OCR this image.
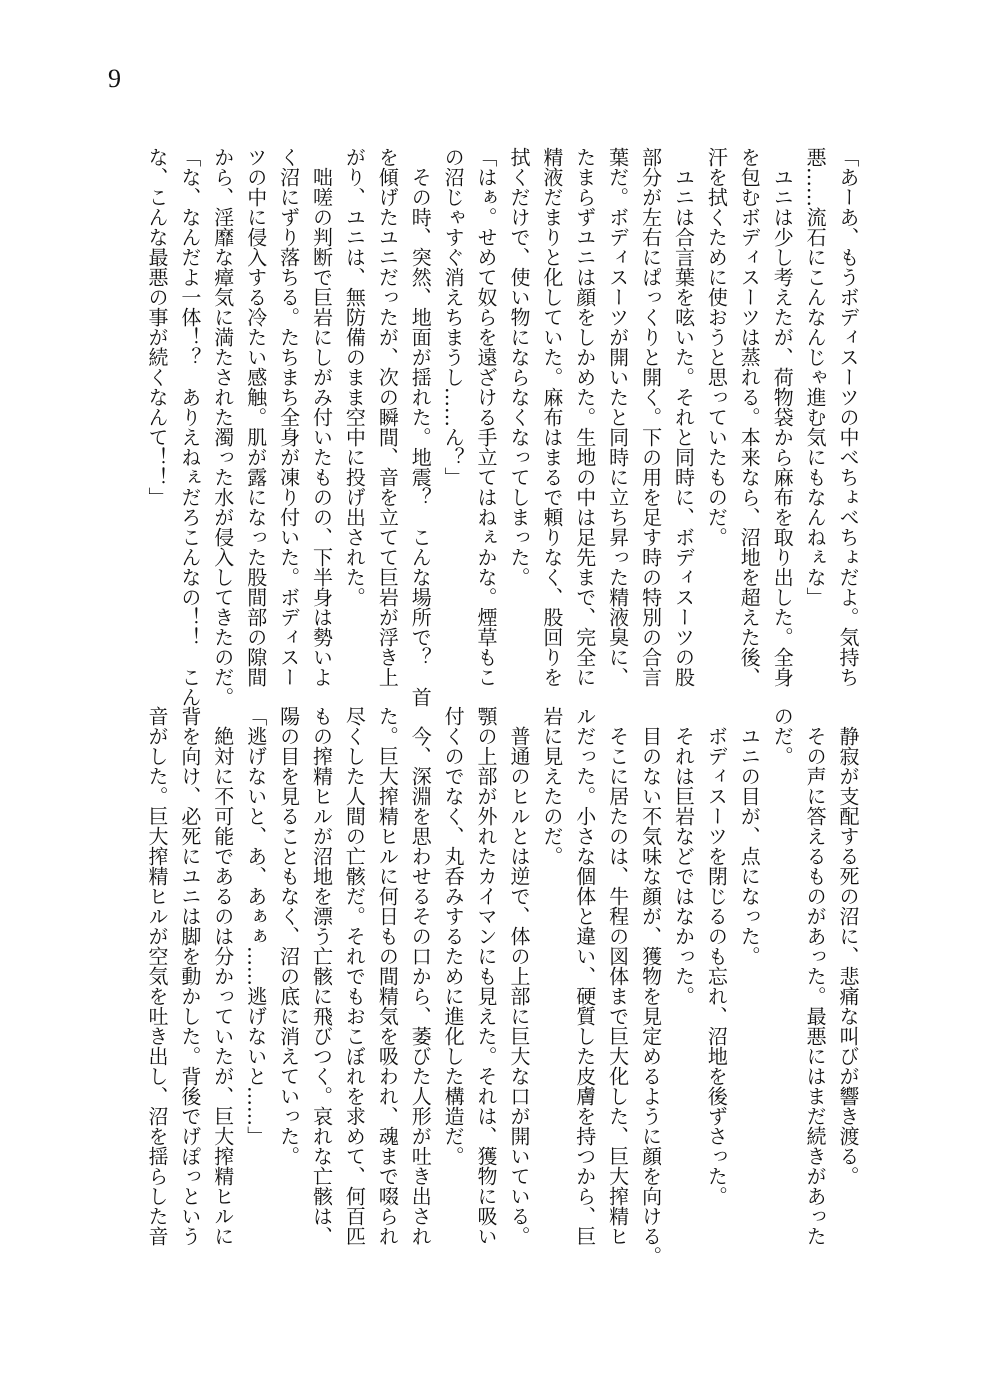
9
「あーあ、もうボディスーツの中べちょべちょだよ。気持ち
悪……流石にこんなんじゃ進む気にもなんねぇな」
　ユニは少し考えたが、荷物袋から麻布を取り出した。全身
を包むボディスーツは蒸れる。本来なら、沼地を超えた後、
汗を拭くために使おうと思っていたものだ。
　ユニは合言葉を呟いた。それと同時に、ボディスーツの股
部分が左右にぱっくりと開く。下の用を足す時の特別の合言
葉だ。ボディスーツが開いたと同時に立ち昇った精液臭に、
たまらずユニは顔をしかめた。生地の中は足先まで、完全に
精液だまりと化していた。麻布はまるで頼りなく、股回りを
拭くだけで、使い物にならなくなってしまった。
「はぁ。せめて奴らを遠ざける手立てはねぇかな。煙草もこ
の沼じゃすぐ消えちまうし……ん？」
　その時、突然、地面が揺れた。地震？　こんな場所で？　首
を傾げたユニだったが、次の瞬間、音を立てて巨岩が浮き上
がり、ユニは、無防備のまま空中に投げ出された。
　咄嗟の判断で巨岩にしがみ付いたものの、下半身は勢いよ
く沼にずり落ちる。たちまち全身が凍り付いた。ボディスー
ツの中に侵入する冷たい感触。肌が露になった股間部の隙間
から、淫靡な瘴気に満たされた濁った水が侵入してきたのだ。
「な、なんだよ一体！？　ありえねぇだろこんなの！！　こん
な、こんな最悪の事が続くなんて！！」
　静寂が支配する死の沼に、悲痛な叫びが響き渡る。
　その声に答えるものがあった。最悪にはまだ続きがあった
のだ。
　ユニの目が、点になった。
　ボディスーツを閉じるのも忘れ、沼地を後ずさった。
　それは巨岩などではなかった。
　目のない不気味な顔が、獲物を見定めるように顔を向ける。
　そこに居たのは、牛程の図体まで巨大化した、巨大搾精ヒ
ルだった。小さな個体と違い、硬質した皮膚を持つから、巨
岩に見えたのだ。
　普通のヒルとは逆で、体の上部に巨大な口が開いている。
顎の上部が外れたカイマンにも見えた。それは、獲物に吸い
付くのでなく、丸呑みするために進化した構造だ。
　今、深淵を思わせるその口から、萎びた人形が吐き出され
た。巨大搾精ヒルに何日もの間精気を吸われ、魂まで啜られ
尽くした人間の亡骸だ。それでもおこぼれを求めて、何百匹
もの搾精ヒルが沼地を漂う亡骸に飛びつく。哀れな亡骸は、
陽の目を見ることもなく、沼の底に消えていった。
「逃げないと、あ、あぁぁ……逃げないと……」
　絶対に不可能であるのは分かっていたが、巨大搾精ヒルに
背を向け、必死にユニは脚を動かした。背後でげぽっという
音がした。巨大搾精ヒルが空気を吐き出し、沼を揺らした音
